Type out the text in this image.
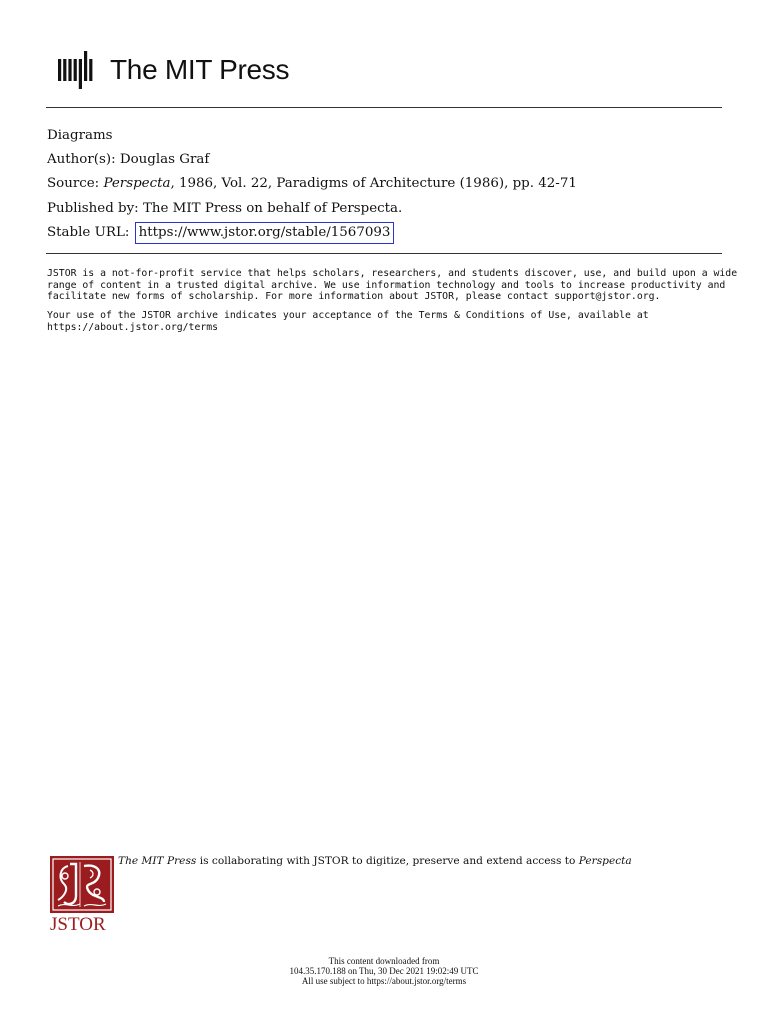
The MIT Press
Diagrams
Author(s): Douglas Graf
Source: Perspecta, 1986, Vol. 22, Paradigms of Architecture (1986), pp. 42-71
Published by: The MIT Press on behalf of Perspecta.
Stable URL: https://www.jstor.org/stable/1567093

JSTOR is a not-for-profit service that helps scholars, researchers, and students discover, use, and build upon a wide

range of content in a trusted digital archive. We use information technology and tools to increase productivity and

facilitate new forms of scholarship. For more information about JSTOR, please contact support@jstor.org.

Your use of the JSTOR archive indicates your acceptance of the Terms & Conditions of Use, available at

https://about.jstor.org/terms

JSTOR
The MIT Press is collaborating with JSTOR to digitize, preserve and extend access to Perspecta
This content downloaded from
104.35.170.188 on Thu, 30 Dec 2021 19:02:49 UTC
All use subject to https://about.jstor.org/terms
